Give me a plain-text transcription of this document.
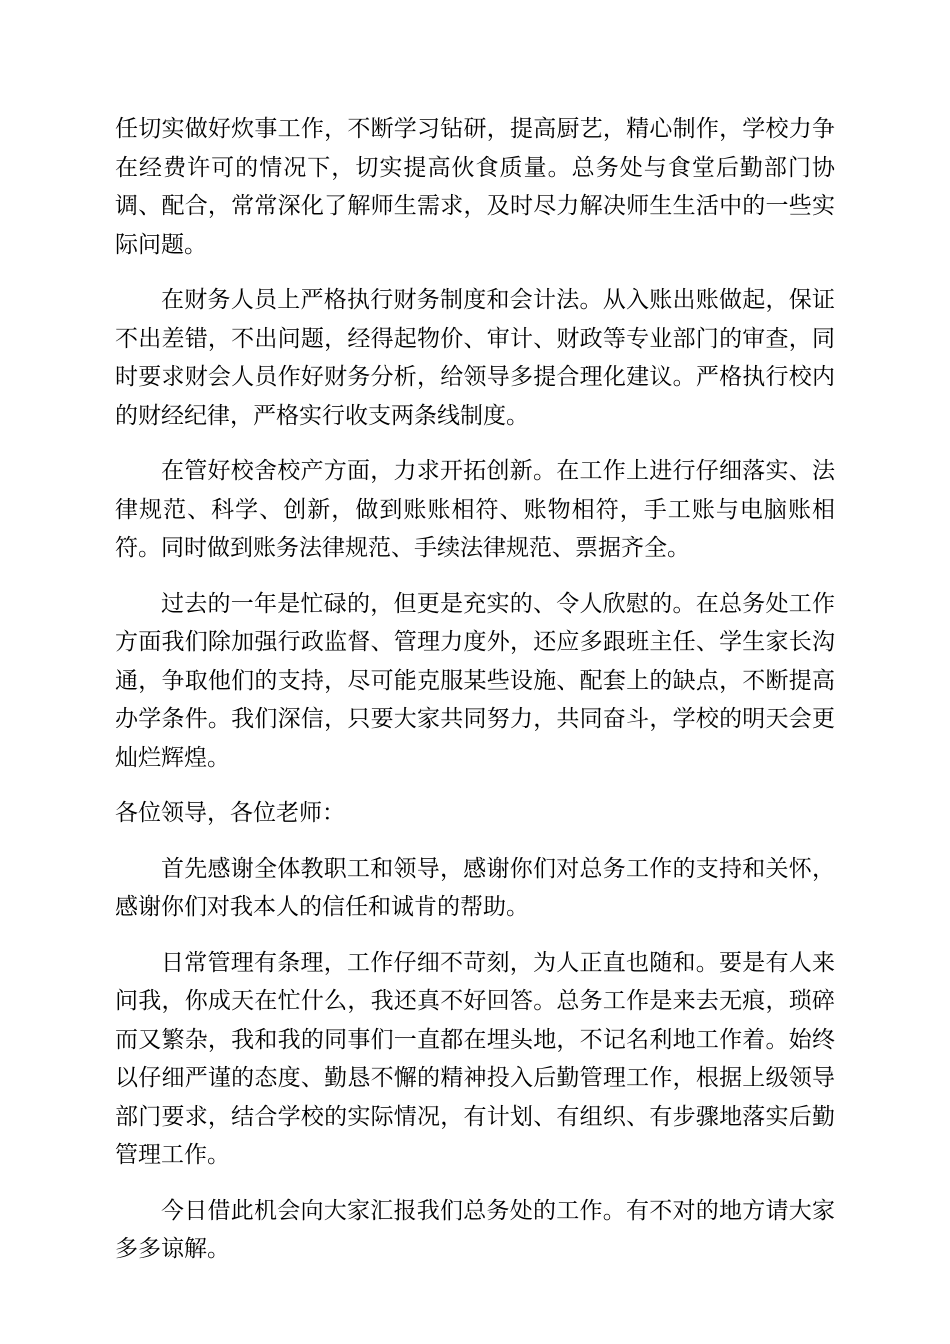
任切实做好炊事工作，不断学习钻研，提高厨艺，精心制作，学校力争在经费许可的情况下，切实提高伙食质量。总务处与食堂后勤部门协调、配合，常常深化了解师生需求，及时尽力解决师生生活中的一些实际问题。

在财务人员上严格执行财务制度和会计法。从入账出账做起，保证不出差错，不出问题，经得起物价、审计、财政等专业部门的审查，同时要求财会人员作好财务分析，给领导多提合理化建议。严格执行校内的财经纪律，严格实行收支两条线制度。

在管好校舍校产方面，力求开拓创新。在工作上进行仔细落实、法律规范、科学、创新，做到账账相符、账物相符，手工账与电脑账相符。同时做到账务法律规范、手续法律规范、票据齐全。

过去的一年是忙碌的，但更是充实的、令人欣慰的。在总务处工作方面我们除加强行政监督、管理力度外，还应多跟班主任、学生家长沟通，争取他们的支持，尽可能克服某些设施、配套上的缺点，不断提高办学条件。我们深信，只要大家共同努力，共同奋斗，学校的明天会更灿烂辉煌。

各位领导，各位老师：

首先感谢全体教职工和领导，感谢你们对总务工作的支持和关怀，感谢你们对我本人的信任和诚肯的帮助。

日常管理有条理，工作仔细不苛刻，为人正直也随和。要是有人来问我，你成天在忙什么，我还真不好回答。总务工作是来去无痕，琐碎而又繁杂，我和我的同事们一直都在埋头地，不记名利地工作着。始终以仔细严谨的态度、勤恳不懈的精神投入后勤管理工作，根据上级领导部门要求，结合学校的实际情况，有计划、有组织、有步骤地落实后勤管理工作。

今日借此机会向大家汇报我们总务处的工作。有不对的地方请大家多多谅解。
